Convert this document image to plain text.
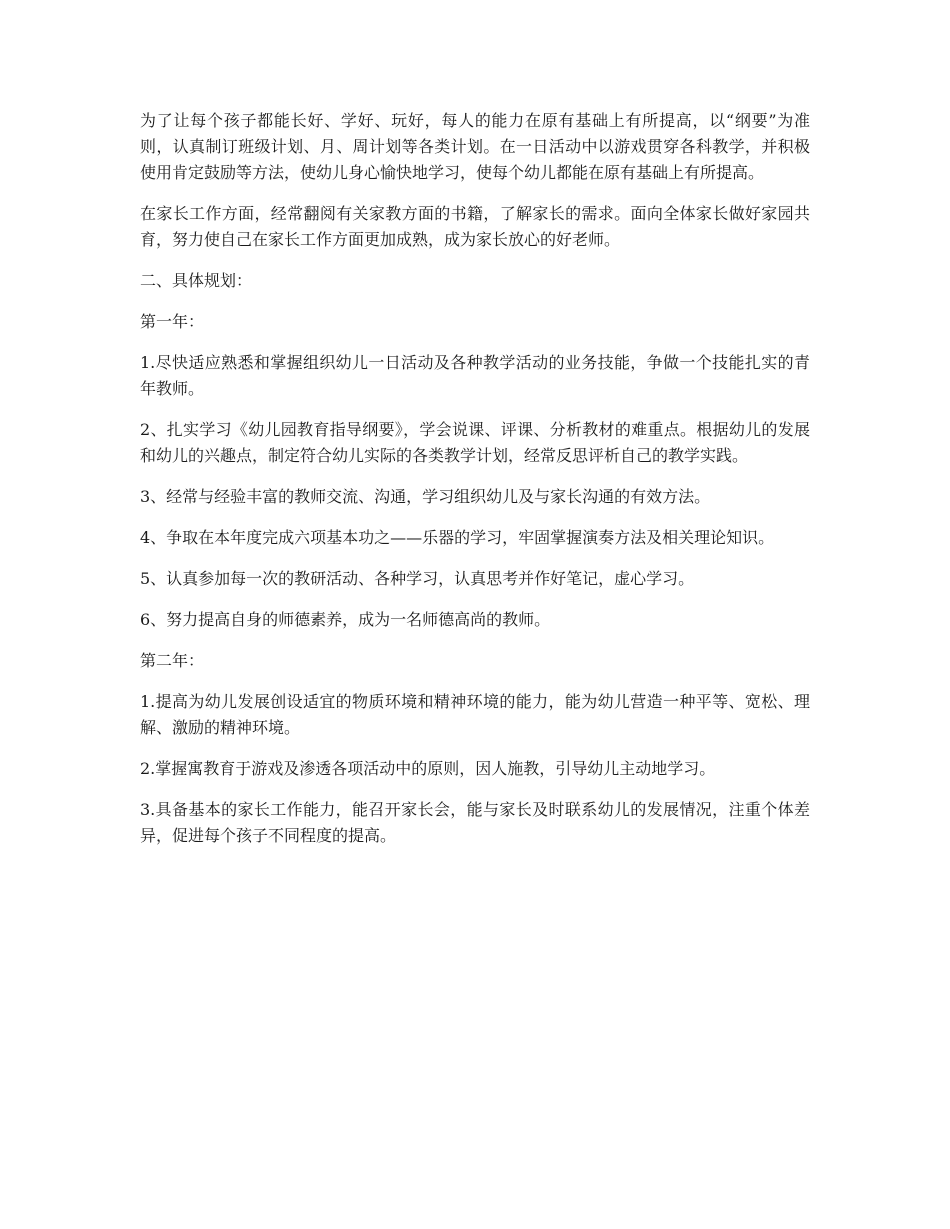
为了让每个孩子都能长好、学好、玩好，每人的能力在原有基础上有所提高，以“纲要”为准则，认真制订班级计划、月、周计划等各类计划。在一日活动中以游戏贯穿各科教学，并积极使用肯定鼓励等方法，使幼儿身心愉快地学习，使每个幼儿都能在原有基础上有所提高。

在家长工作方面，经常翻阅有关家教方面的书籍，了解家长的需求。面向全体家长做好家园共育，努力使自己在家长工作方面更加成熟，成为家长放心的好老师。

二、具体规划：

第一年：

1.尽快适应熟悉和掌握组织幼儿一日活动及各种教学活动的业务技能，争做一个技能扎实的青年教师。

2、扎实学习《幼儿园教育指导纲要》，学会说课、评课、分析教材的难重点。根据幼儿的发展和幼儿的兴趣点，制定符合幼儿实际的各类教学计划，经常反思评析自己的教学实践。

3、经常与经验丰富的教师交流、沟通，学习组织幼儿及与家长沟通的有效方法。

4、争取在本年度完成六项基本功之——乐器的学习，牢固掌握演奏方法及相关理论知识。

5、认真参加每一次的教研活动、各种学习，认真思考并作好笔记，虚心学习。

6、努力提高自身的师德素养，成为一名师德高尚的教师。

第二年：

1.提高为幼儿发展创设适宜的物质环境和精神环境的能力，能为幼儿营造一种平等、宽松、理解、激励的精神环境。

2.掌握寓教育于游戏及渗透各项活动中的原则，因人施教，引导幼儿主动地学习。

3.具备基本的家长工作能力，能召开家长会，能与家长及时联系幼儿的发展情况，注重个体差异，促进每个孩子不同程度的提高。
